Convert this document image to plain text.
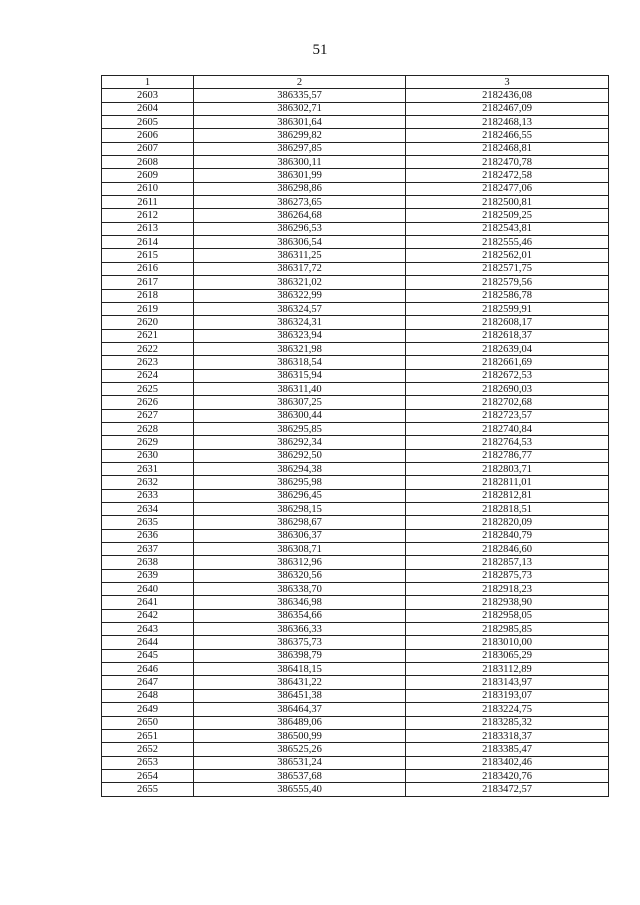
51
1	2	3
2603	386335,57	2182436,08
2604	386302,71	2182467,09
2605	386301,64	2182468,13
2606	386299,82	2182466,55
2607	386297,85	2182468,81
2608	386300,11	2182470,78
2609	386301,99	2182472,58
2610	386298,86	2182477,06
2611	386273,65	2182500,81
2612	386264,68	2182509,25
2613	386296,53	2182543,81
2614	386306,54	2182555,46
2615	386311,25	2182562,01
2616	386317,72	2182571,75
2617	386321,02	2182579,56
2618	386322,99	2182586,78
2619	386324,57	2182599,91
2620	386324,31	2182608,17
2621	386323,94	2182618,37
2622	386321,98	2182639,04
2623	386318,54	2182661,69
2624	386315,94	2182672,53
2625	386311,40	2182690,03
2626	386307,25	2182702,68
2627	386300,44	2182723,57
2628	386295,85	2182740,84
2629	386292,34	2182764,53
2630	386292,50	2182786,77
2631	386294,38	2182803,71
2632	386295,98	2182811,01
2633	386296,45	2182812,81
2634	386298,15	2182818,51
2635	386298,67	2182820,09
2636	386306,37	2182840,79
2637	386308,71	2182846,60
2638	386312,96	2182857,13
2639	386320,56	2182875,73
2640	386338,70	2182918,23
2641	386346,98	2182938,90
2642	386354,66	2182958,05
2643	386366,33	2182985,85
2644	386375,73	2183010,00
2645	386398,79	2183065,29
2646	386418,15	2183112,89
2647	386431,22	2183143,97
2648	386451,38	2183193,07
2649	386464,37	2183224,75
2650	386489,06	2183285,32
2651	386500,99	2183318,37
2652	386525,26	2183385,47
2653	386531,24	2183402,46
2654	386537,68	2183420,76
2655	386555,40	2183472,57
